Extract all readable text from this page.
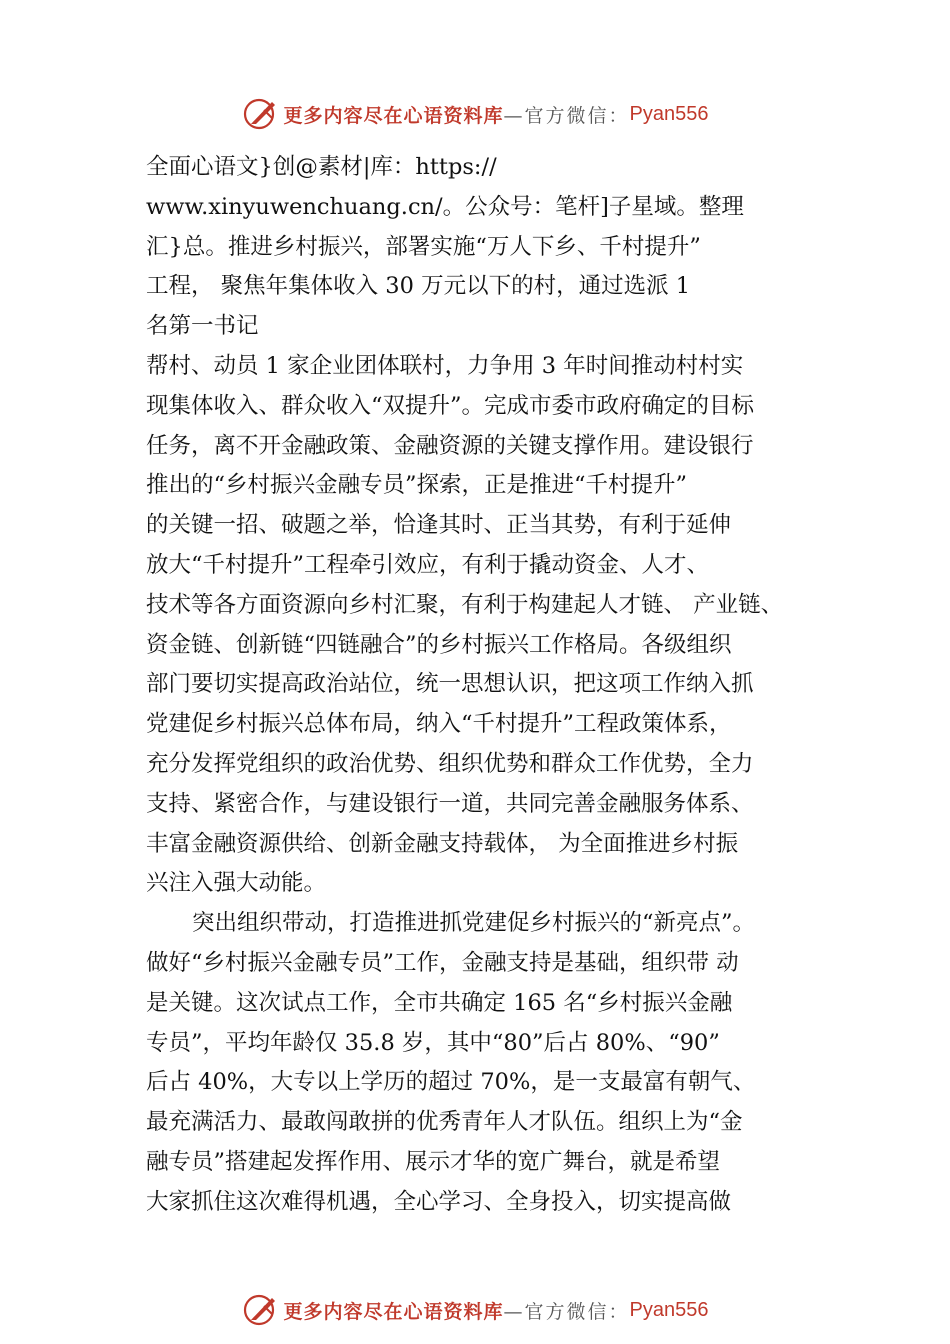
更多内容尽在心语资料库 —官方微信： Pyan556
全面心语文}创@素材|库：https://
www.xinyuwenchuang.cn/。公众号：笔杆]子星域。整理
汇}总。推进乡村振兴，部署实施“万人下乡、千村提升”
工程， 聚焦年集体收入 30 万元以下的村，通过选派 1
名第一书记
帮村、动员 1 家企业团体联村，力争用 3 年时间推动村村实
现集体收入、群众收入“双提升”。完成市委市政府确定的目标
任务，离不开金融政策、金融资源的关键支撑作用。建设银行
推出的“乡村振兴金融专员”探索，正是推进“千村提升”
的关键一招、破题之举，恰逢其时、正当其势，有利于延伸
放大“千村提升”工程牵引效应，有利于撬动资金、人才、
技术等各方面资源向乡村汇聚，有利于构建起人才链、 产业链、
资金链、创新链“四链融合”的乡村振兴工作格局。各级组织
部门要切实提高政治站位，统一思想认识，把这项工作纳入抓
党建促乡村振兴总体布局，纳入“千村提升”工程政策体系，
充分发挥党组织的政治优势、组织优势和群众工作优势，全力
支持、紧密合作，与建设银行一道，共同完善金融服务体系、
丰富金融资源供给、创新金融支持载体， 为全面推进乡村振
兴注入强大动能。
突出组织带动，打造推进抓党建促乡村振兴的“新亮点”。
做好“乡村振兴金融专员”工作，金融支持是基础，组织带 动
是关键。这次试点工作，全市共确定 165 名“乡村振兴金融
专员”，平均年龄仅 35.8 岁，其中“80”后占 80%、“90”
后占 40%，大专以上学历的超过 70%，是一支最富有朝气、
最充满活力、最敢闯敢拼的优秀青年人才队伍。组织上为“金
融专员”搭建起发挥作用、展示才华的宽广舞台，就是希望
大家抓住这次难得机遇，全心学习、全身投入，切实提高做
更多内容尽在心语资料库 —官方微信： Pyan556
